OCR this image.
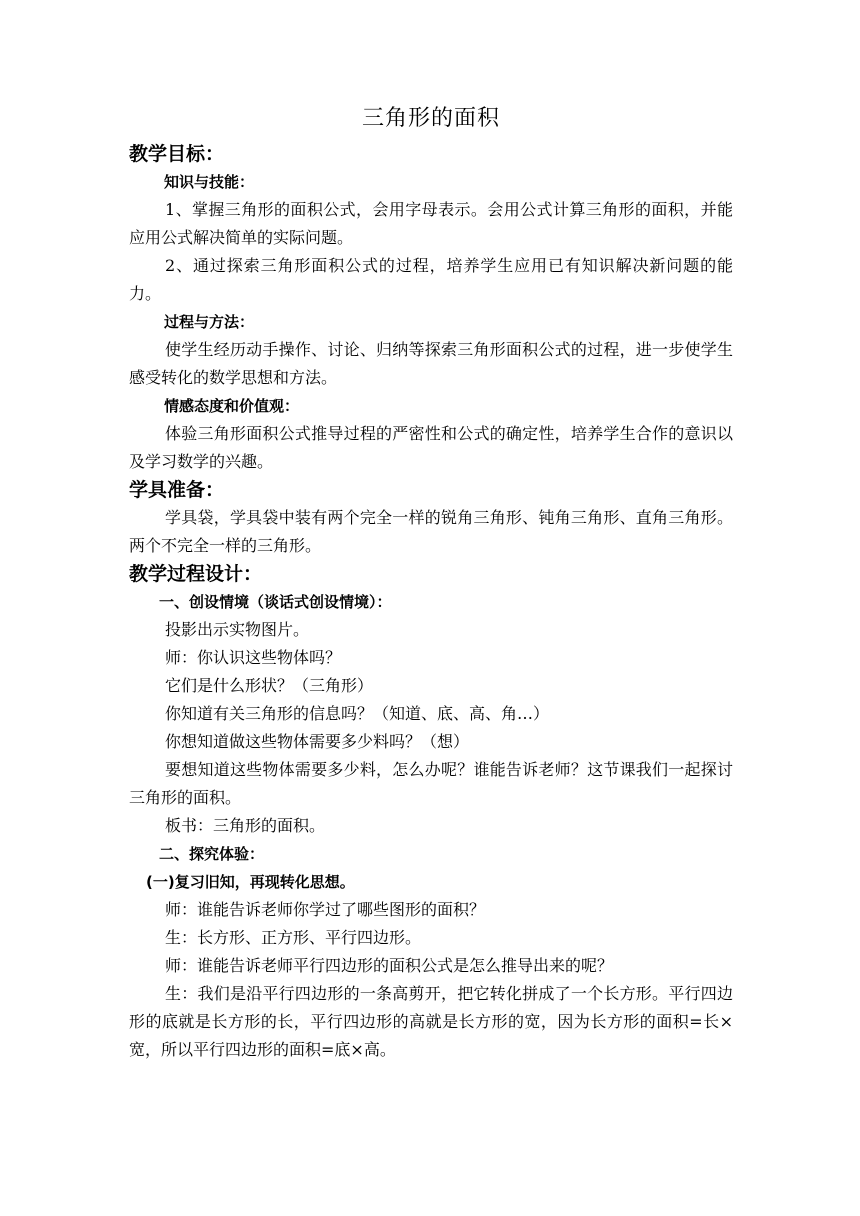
三角形的面积
教学目标：
知识与技能：
1、掌握三角形的面积公式，会用字母表示。会用公式计算三角形的面积，并能应用公式解决简单的实际问题。
2、通过探索三角形面积公式的过程，培养学生应用已有知识解决新问题的能力。
过程与方法：
使学生经历动手操作、讨论、归纳等探索三角形面积公式的过程，进一步使学生感受转化的数学思想和方法。
情感态度和价值观：
体验三角形面积公式推导过程的严密性和公式的确定性，培养学生合作的意识以及学习数学的兴趣。
学具准备：
学具袋，学具袋中装有两个完全一样的锐角三角形、钝角三角形、直角三角形。两个不完全一样的三角形。
教学过程设计：
一、创设情境（谈话式创设情境）：
投影出示实物图片。
师：你认识这些物体吗？
它们是什么形状？（三角形）
你知道有关三角形的信息吗？（知道、底、高、角…）
你想知道做这些物体需要多少料吗？（想）
要想知道这些物体需要多少料，怎么办呢？谁能告诉老师？这节课我们一起探讨三角形的面积。
板书：三角形的面积。
二、探究体验：
(一)复习旧知，再现转化思想。
师：谁能告诉老师你学过了哪些图形的面积？
生：长方形、正方形、平行四边形。
师：谁能告诉老师平行四边形的面积公式是怎么推导出来的呢？
生：我们是沿平行四边形的一条高剪开，把它转化拼成了一个长方形。平行四边形的底就是长方形的长，平行四边形的高就是长方形的宽，因为长方形的面积=长×宽，所以平行四边形的面积=底×高。
